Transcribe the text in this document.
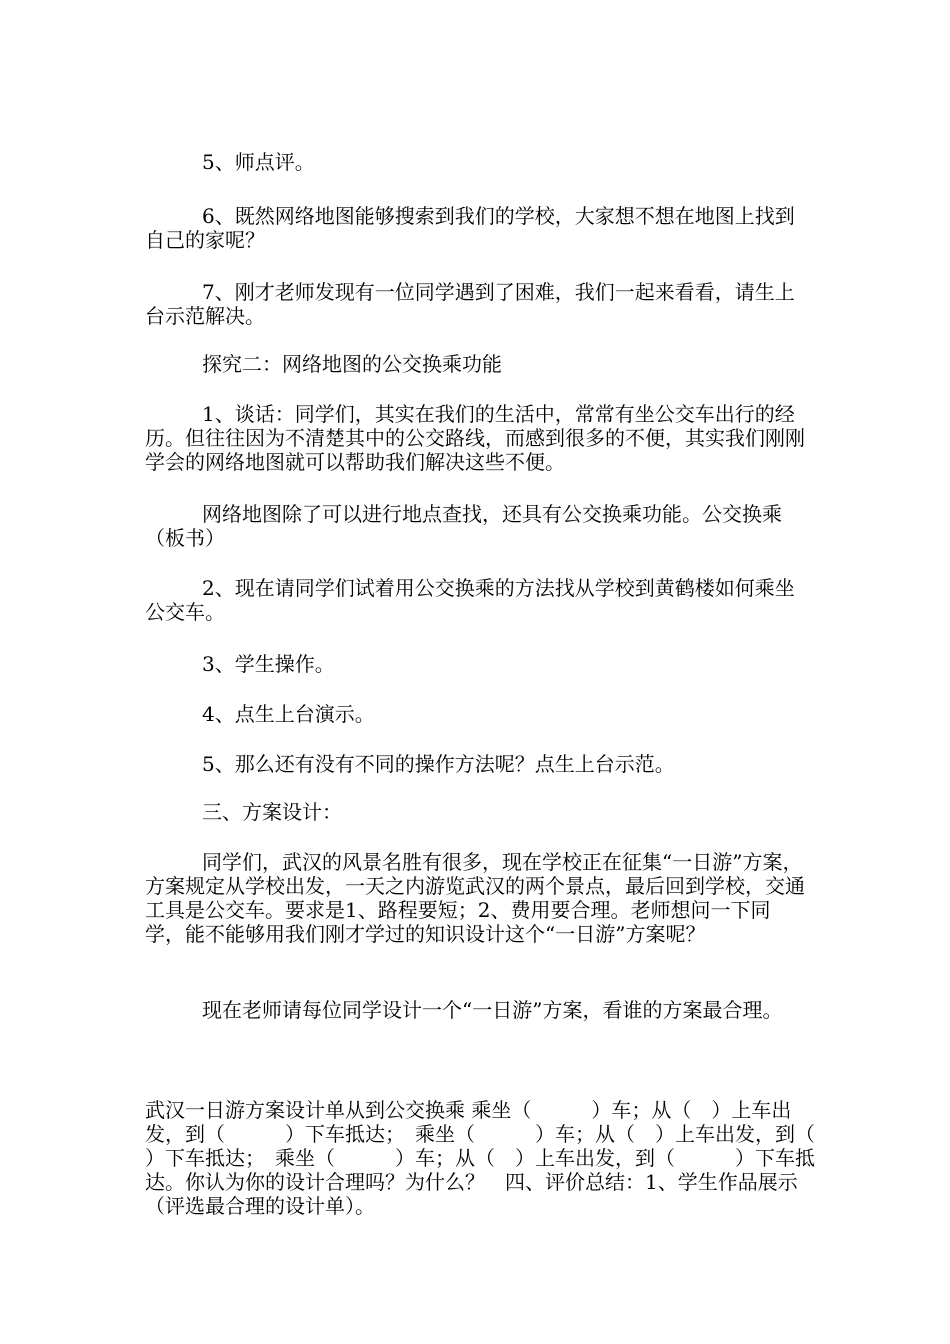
5、师点评。

6、既然网络地图能够搜索到我们的学校，大家想不想在地图上找到自己的家呢？

7、刚才老师发现有一位同学遇到了困难，我们一起来看看，请生上台示范解决。

探究二：网络地图的公交换乘功能

1、谈话：同学们，其实在我们的生活中，常常有坐公交车出行的经历。但往往因为不清楚其中的公交路线，而感到很多的不便，其实我们刚刚学会的网络地图就可以帮助我们解决这些不便。

网络地图除了可以进行地点查找，还具有公交换乘功能。公交换乘（板书）

2、现在请同学们试着用公交换乘的方法找从学校到黄鹤楼如何乘坐公交车。

3、学生操作。

4、点生上台演示。

5、那么还有没有不同的操作方法呢？点生上台示范。

三、方案设计：

同学们，武汉的风景名胜有很多，现在学校正在征集“一日游”方案，方案规定从学校出发，一天之内游览武汉的两个景点，最后回到学校，交通工具是公交车。要求是1、路程要短；2、费用要合理。老师想问一下同学，能不能够用我们刚才学过的知识设计这个“一日游”方案呢？

现在老师请每位同学设计一个“一日游”方案，看谁的方案最合理。

武汉一日游方案设计单从到公交换乘 乘坐（　　　）车；从（　）上车出发，到（　　　）下车抵达；　乘坐（　　　）车；从（　）上车出发，到（　　　）下车抵达；　乘坐（　　　）车；从（　）上车出发，到（　　　）下车抵达。你认为你的设计合理吗？为什么？　四、评价总结：1、学生作品展示（评选最合理的设计单）。
